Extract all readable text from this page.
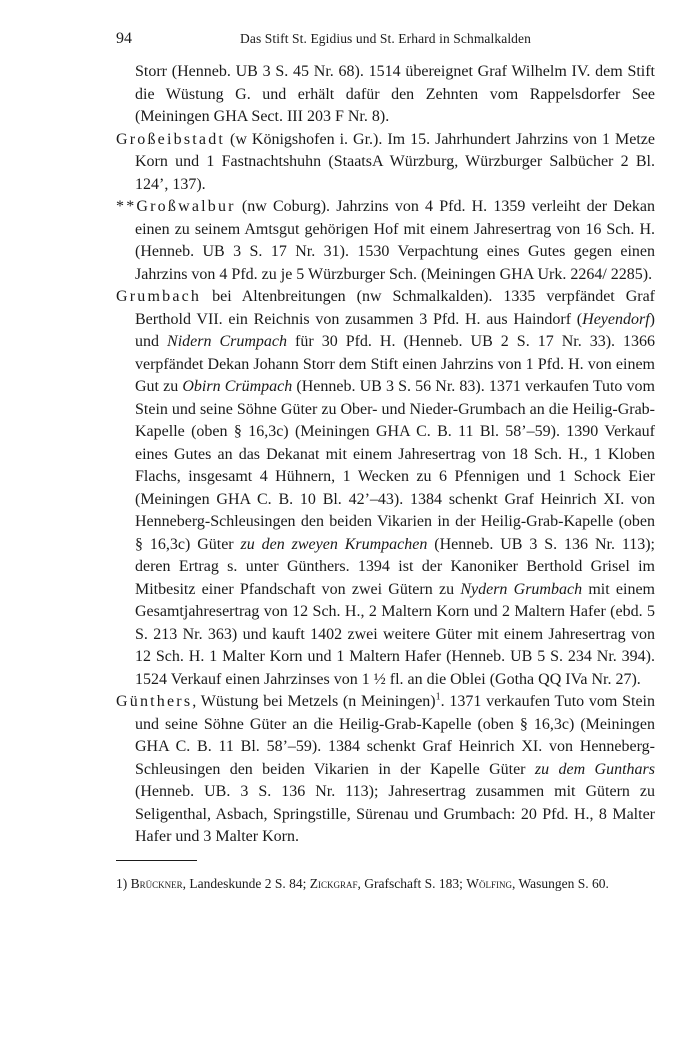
94	Das Stift St. Egidius und St. Erhard in Schmalkalden

Storr (Henneb. UB 3 S. 45 Nr. 68). 1514 übereignet Graf Wilhelm IV. dem Stift die Wüstung G. und erhält dafür den Zehnten vom Rappelsdorfer See (Meiningen GHA Sect. III 203 F Nr. 8).

Großeibstadt (w Königshofen i. Gr.). Im 15. Jahrhundert Jahrzins von 1 Metze Korn und 1 Fastnachtshuhn (StaatsA Würzburg, Würzburger Salbücher 2 Bl. 124’, 137).

**Großwalbur (nw Coburg). Jahrzins von 4 Pfd. H. 1359 verleiht der Dekan einen zu seinem Amtsgut gehörigen Hof mit einem Jahresertrag von 16 Sch. H. (Henneb. UB 3 S. 17 Nr. 31). 1530 Verpachtung eines Gutes gegen einen Jahrzins von 4 Pfd. zu je 5 Würzburger Sch. (Meiningen GHA Urk. 2264/ 2285).

Grumbach bei Altenbreitungen (nw Schmalkalden). 1335 verpfändet Graf Berthold VII. ein Reichnis von zusammen 3 Pfd. H. aus Haindorf (Heyendorf) und Nidern Crumpach für 30 Pfd. H. (Henneb. UB 2 S. 17 Nr. 33). 1366 verpfändet Dekan Johann Storr dem Stift einen Jahrzins von 1 Pfd. H. von einem Gut zu Obirn Crümpach (Henneb. UB 3 S. 56 Nr. 83). 1371 verkaufen Tuto vom Stein und seine Söhne Güter zu Ober- und Nieder-Grumbach an die Heilig-Grab-Kapelle (oben § 16,3c) (Meiningen GHA C. B. 11 Bl. 58’–59). 1390 Verkauf eines Gutes an das Dekanat mit einem Jahresertrag von 18 Sch. H., 1 Kloben Flachs, insgesamt 4 Hühnern, 1 Wecken zu 6 Pfennigen und 1 Schock Eier (Meiningen GHA C. B. 10 Bl. 42’–43). 1384 schenkt Graf Heinrich XI. von Henneberg-Schleusingen den beiden Vikarien in der Heilig-Grab-Kapelle (oben § 16,3c) Güter zu den zweyen Krumpachen (Henneb. UB 3 S. 136 Nr. 113); deren Ertrag s. unter Günthers. 1394 ist der Kanoniker Berthold Grisel im Mitbesitz einer Pfandschaft von zwei Gütern zu Nydern Grumbach mit einem Gesamtjahresertrag von 12 Sch. H., 2 Maltern Korn und 2 Maltern Hafer (ebd. 5 S. 213 Nr. 363) und kauft 1402 zwei weitere Güter mit einem Jahresertrag von 12 Sch. H. 1 Malter Korn und 1 Maltern Hafer (Henneb. UB 5 S. 234 Nr. 394). 1524 Verkauf einen Jahrzinses von 1 ½ fl. an die Oblei (Gotha QQ IVa Nr. 27).

Günthers, Wüstung bei Metzels (n Meiningen)$^1$. 1371 verkaufen Tuto vom Stein und seine Söhne Güter an die Heilig-Grab-Kapelle (oben § 16,3c) (Meiningen GHA C. B. 11 Bl. 58’–59). 1384 schenkt Graf Heinrich XI. von Henneberg-Schleusingen den beiden Vikarien in der Kapelle Güter zu dem Gunthars (Henneb. UB. 3 S. 136 Nr. 113); Jahresertrag zusammen mit Gütern zu Seligenthal, Asbach, Springstille, Sürenau und Grumbach: 20 Pfd. H., 8 Malter Hafer und 3 Malter Korn.

1) Brückner, Landeskunde 2 S. 84; Zickgraf, Grafschaft S. 183; Wölfing, Wasungen S. 60.
